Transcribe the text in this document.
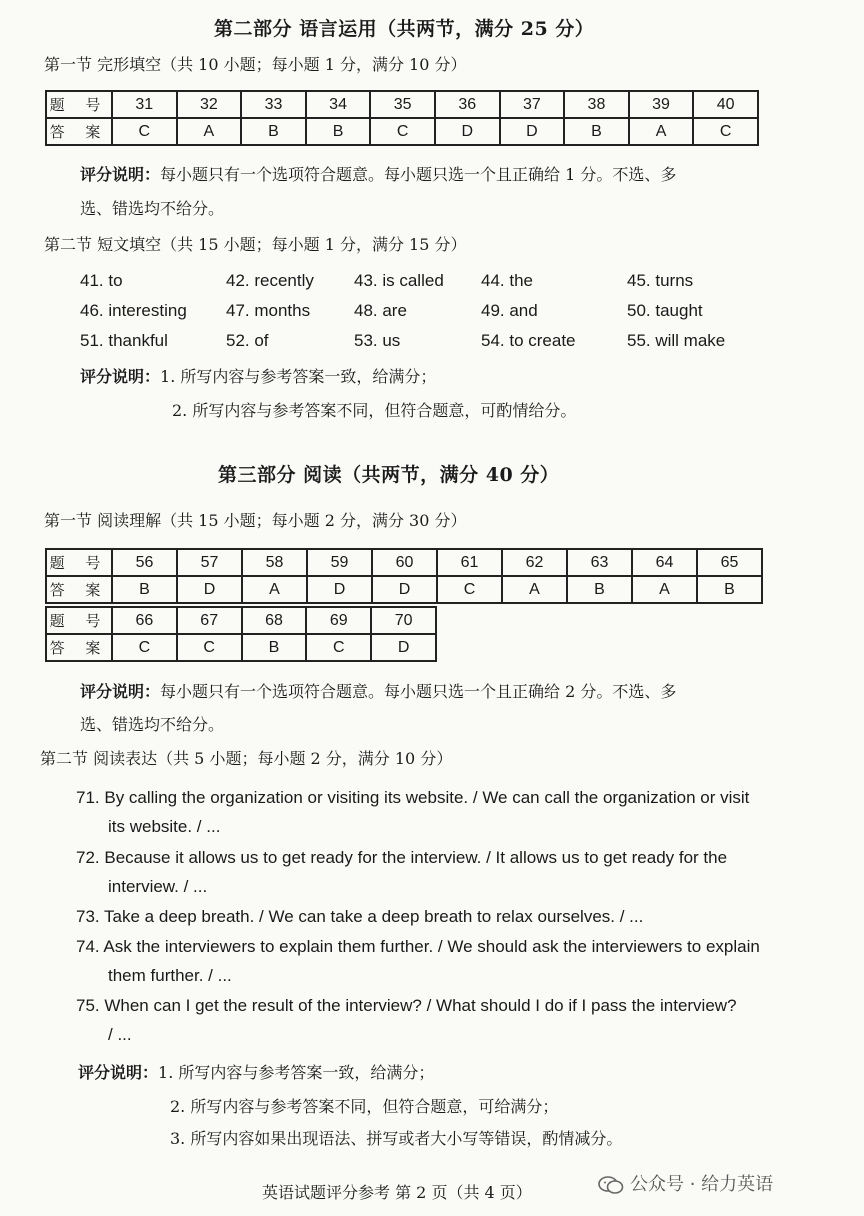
第二部分 语言运用（共两节，满分 25 分）
第一节 完形填空（共 10 小题；每小题 1 分，满分 10 分）
题 号	31	32	33	34	35	36	37	38	39	40
答 案	C	A	B	B	C	D	D	B	A	C
评分说明：每小题只有一个选项符合题意。每小题只选一个且正确给 1 分。不选、多
选、错选均不给分。
第二节 短文填空（共 15 小题；每小题 1 分，满分 15 分）
41. to	42. recently 43. is called 44. the	45. turns
46. interesting 47. months	48. are	49. and	50. taught
51. thankful	52. of	53. us	54. to create	55. will make
评分说明：1. 所写内容与参考答案一致，给满分；
2. 所写内容与参考答案不同，但符合题意，可酌情给分。
第三部分 阅读（共两节，满分 40 分）
第一节 阅读理解（共 15 小题；每小题 2 分，满分 30 分）
题 号	56	57	58	59	60	61	62	63	64	65
答 案	B	D	A	D	D	C	A	B	A	B
题 号	66	67	68	69	70
答 案	C	C	B	C	D
评分说明：每小题只有一个选项符合题意。每小题只选一个且正确给 2 分。不选、多
选、错选均不给分。
第二节 阅读表达（共 5 小题；每小题 2 分，满分 10 分）
71. By calling the organization or visiting its website. / We can call the organization or visit
its website. / ...
72. Because it allows us to get ready for the interview. / It allows us to get ready for the
interview. / ...
73. Take a deep breath. / We can take a deep breath to relax ourselves. / ...
74. Ask the interviewers to explain them further. / We should ask the interviewers to explain
them further. / ...
75. When can I get the result of the interview? / What should I do if I pass the interview?
/ ...
评分说明：1. 所写内容与参考答案一致，给满分；
2. 所写内容与参考答案不同，但符合题意，可给满分；
3. 所写内容如果出现语法、拼写或者大小写等错误，酌情减分。
英语试题评分参考 第 2 页（共 4 页）	公众号 · 给力英语
